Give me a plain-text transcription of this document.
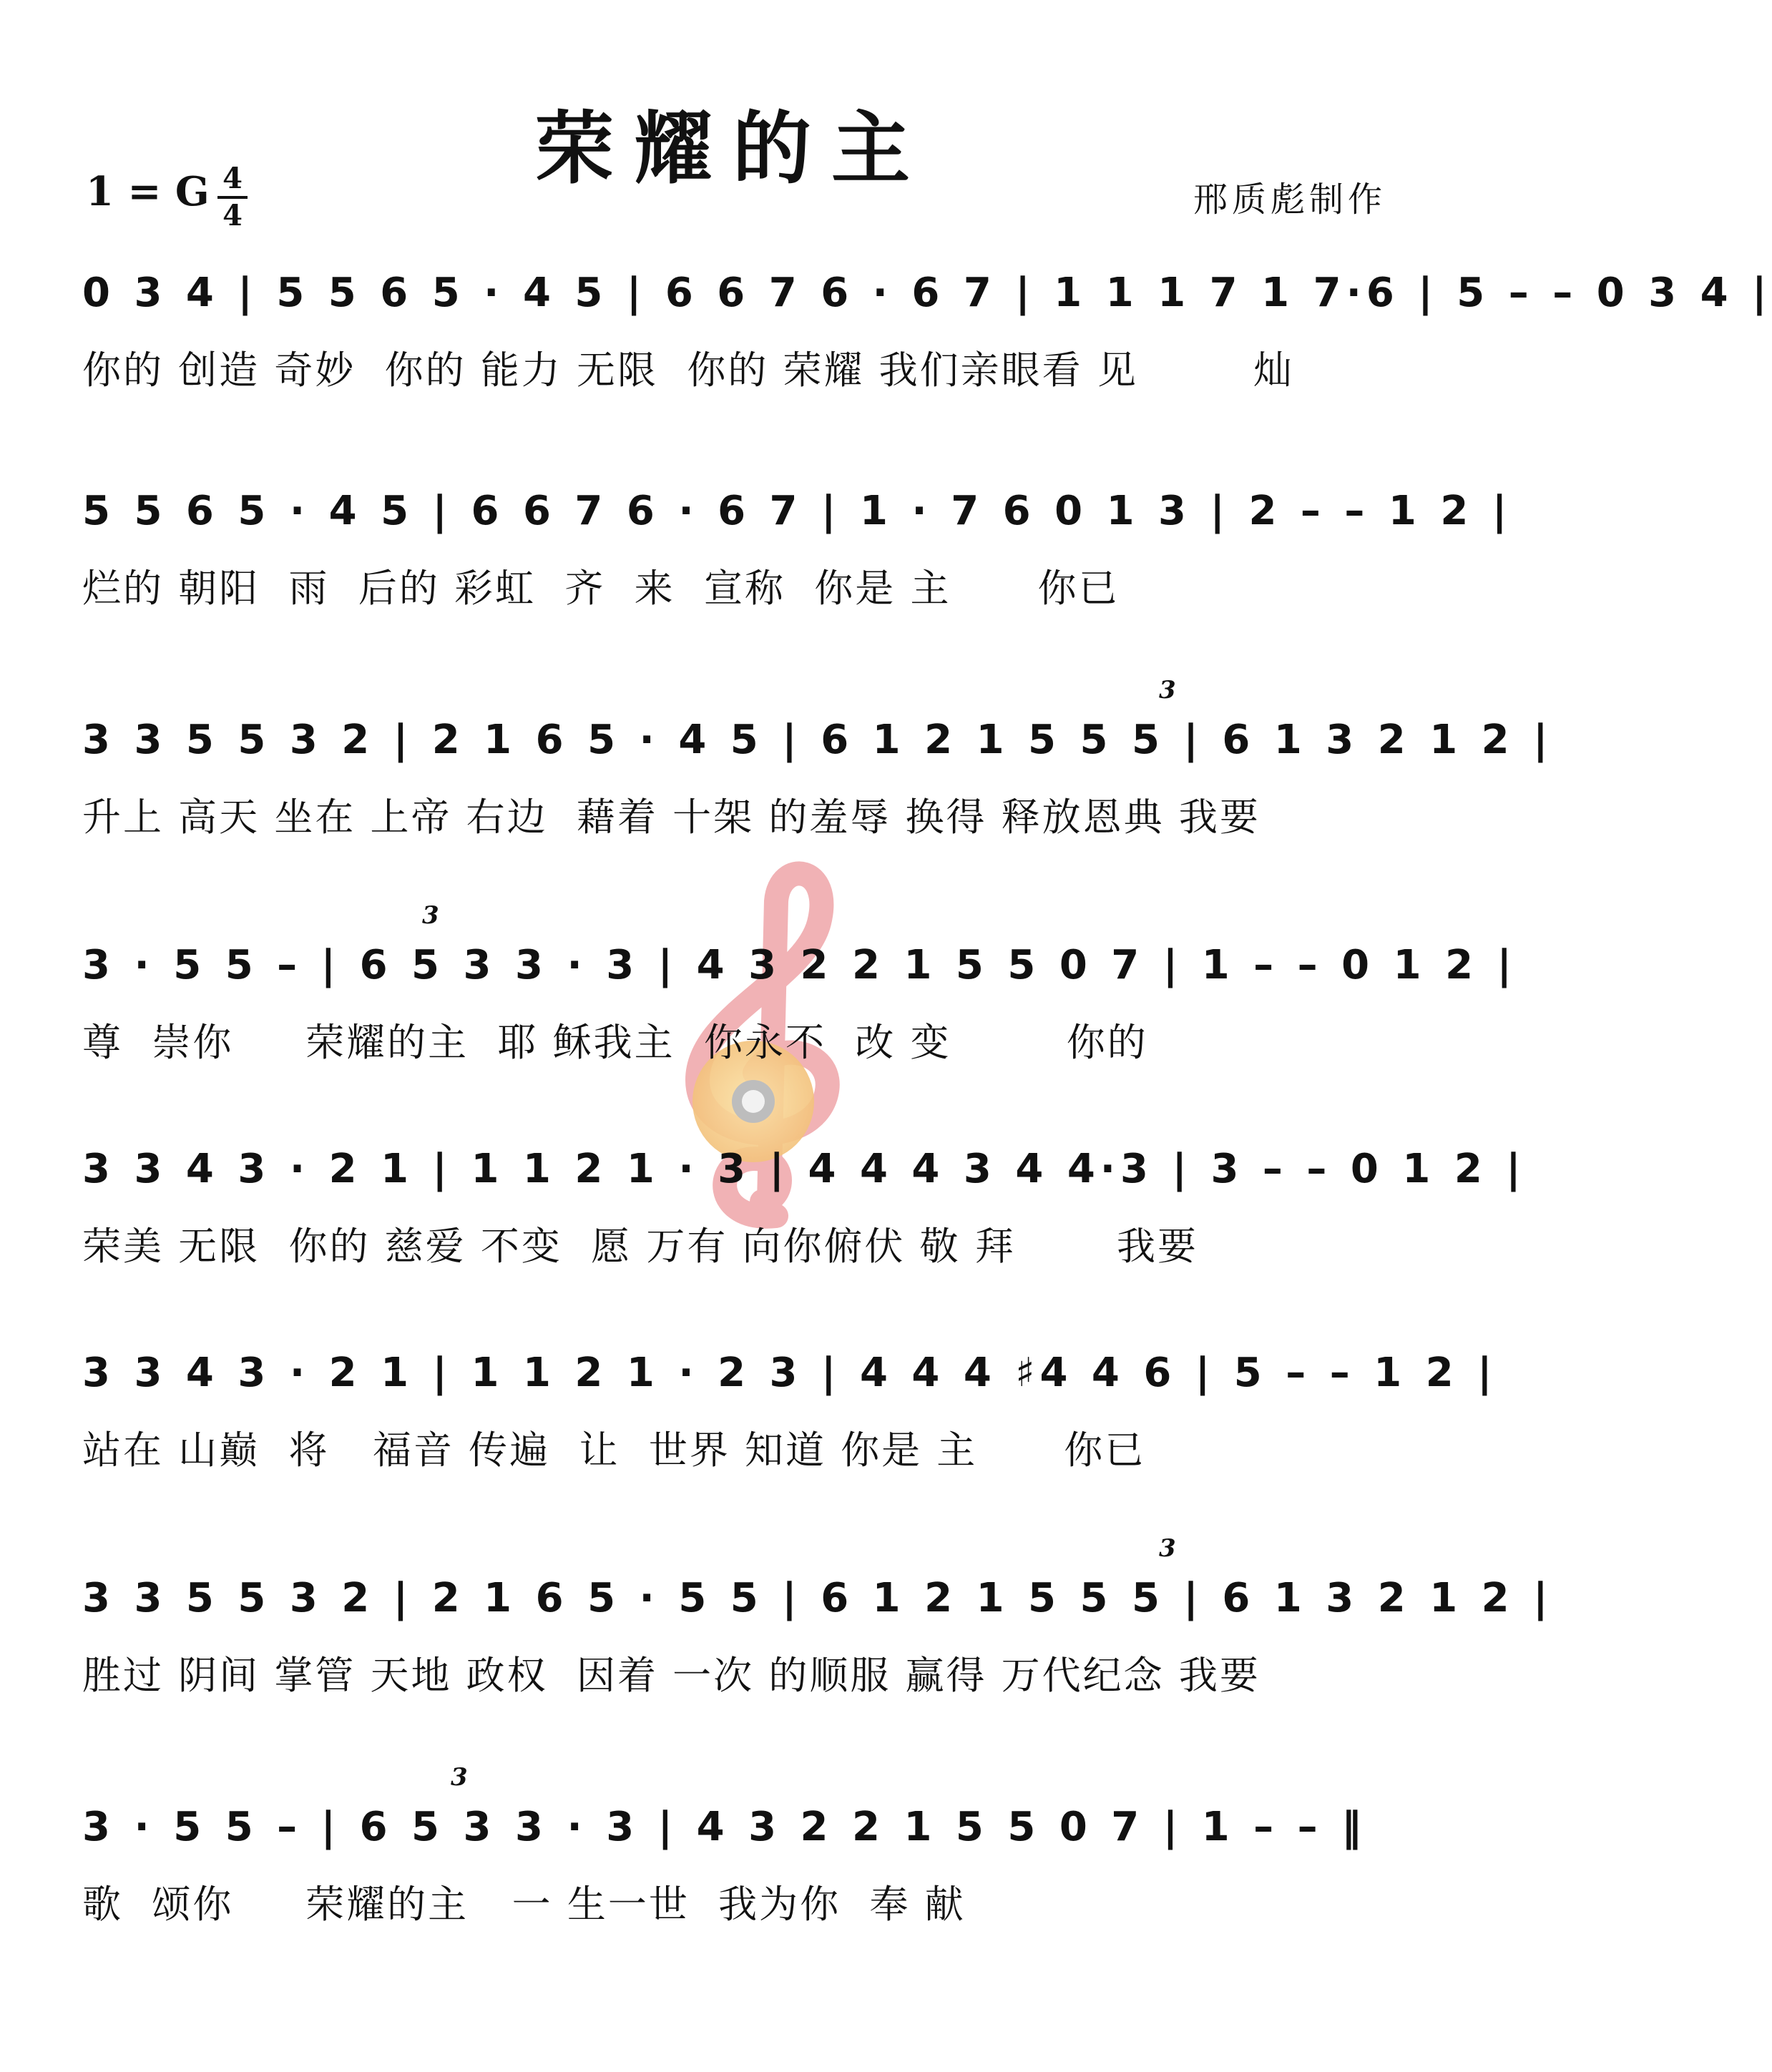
荣耀的主
1 = G 4
4	邢质彪制作
0 3 4 | 5 5 6 5 · 4 5 | 6 6 7 6 · 6 7 | 1 1 1 7 1 7·6 | 5 – – 0 3 4 |
你的 创造 奇妙  你的 能力 无限  你的 荣耀 我们亲眼看 见        灿
5 5 6 5 · 4 5 | 6 6 7 6 · 6 7 | 1 · 7 6 0 1 3 | 2 – – 1 2 |
烂的 朝阳  雨  后的 彩虹  齐  来  宣称  你是 主      你已
3
3 3 5 5 3 2 | 2 1 6 5 · 4 5 | 6 1 2 1 5 5 5 | 6 1 3 2 1 2 |
升上 高天 坐在 上帝 右边  藉着 十架 的羞辱 换得 释放恩典 我要
3
3 · 5 5 – | 6 5 3 3 · 3 | 4 3 2 2 1 5 5 0 7 | 1 – – 0 1 2 |
尊  崇你     荣耀的主  耶 稣我主  你永不  改 变        你的
3 3 4 3 · 2 1 | 1 1 2 1 · 3 | 4 4 4 3 4 4·3 | 3 – – 0 1 2 |
荣美 无限  你的 慈爱 不变  愿 万有 向你俯伏 敬 拜       我要
3 3 4 3 · 2 1 | 1 1 2 1 · 2 3 | 4 4 4 ♯4 4 6 | 5 – – 1 2 |
站在 山巅  将   福音 传遍  让  世界 知道 你是 主      你已
3
3 3 5 5 3 2 | 2 1 6 5 · 5 5 | 6 1 2 1 5 5 5 | 6 1 3 2 1 2 |
胜过 阴间 掌管 天地 政权  因着 一次 的顺服 赢得 万代纪念 我要
3
3 · 5 5 – | 6 5 3 3 · 3 | 4 3 2 2 1 5 5 0 7 | 1 – – ‖
歌  颂你     荣耀的主   一 生一世  我为你  奉 献
